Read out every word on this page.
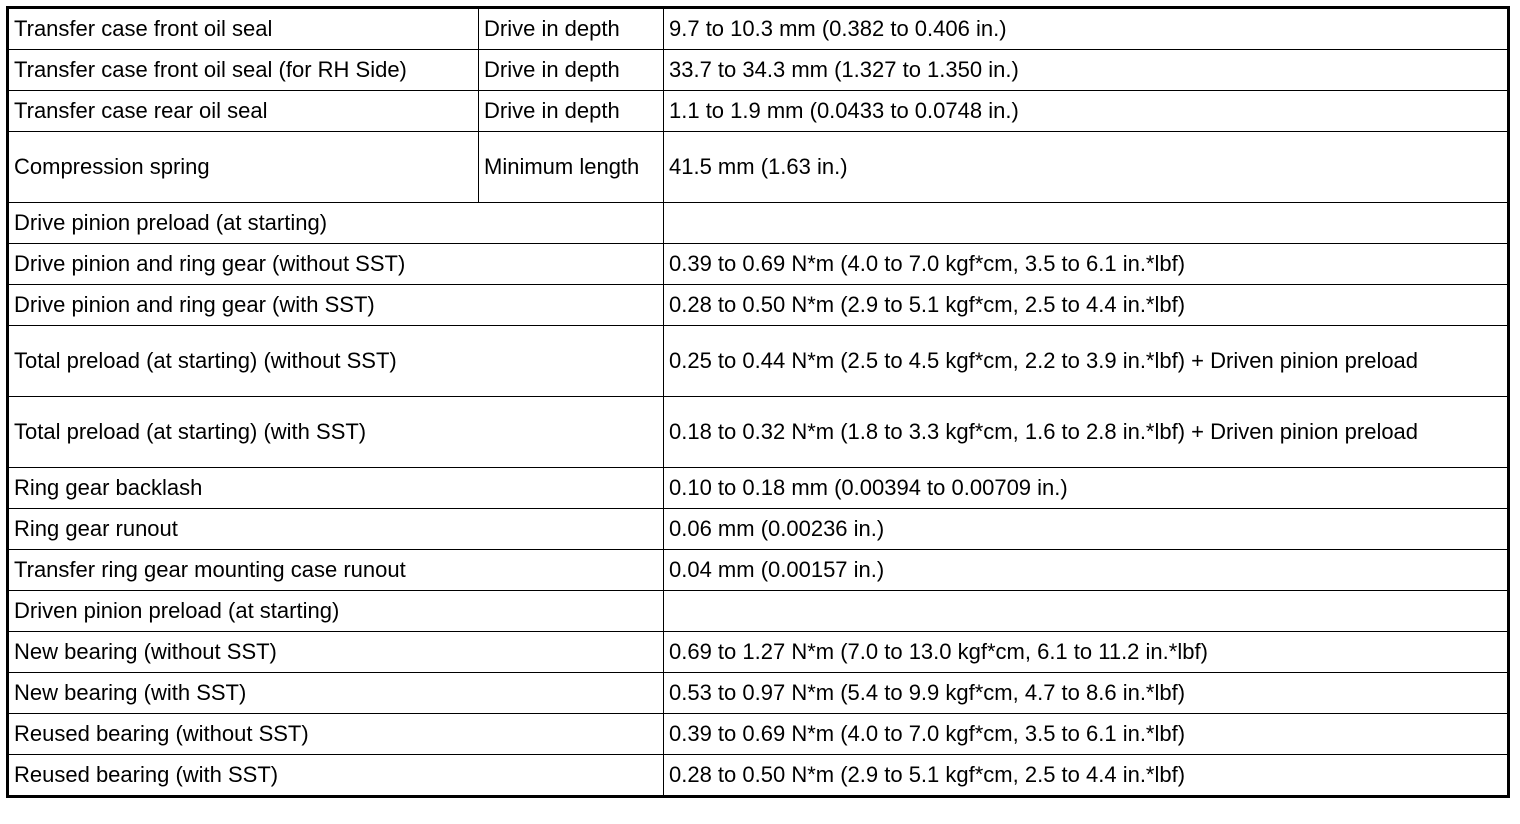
Transfer case front oil seal	Drive in depth	9.7 to 10.3 mm (0.382 to 0.406 in.)
Transfer case front oil seal (for RH Side)	Drive in depth	33.7 to 34.3 mm (1.327 to 1.350 in.)
Transfer case rear oil seal	Drive in depth	1.1 to 1.9 mm (0.0433 to 0.0748 in.)
Compression spring	Minimum length	41.5 mm (1.63 in.)
Drive pinion preload (at starting)		
Drive pinion and ring gear (without SST)		0.39 to 0.69 N*m (4.0 to 7.0 kgf*cm, 3.5 to 6.1 in.*lbf)
Drive pinion and ring gear (with SST)		0.28 to 0.50 N*m (2.9 to 5.1 kgf*cm, 2.5 to 4.4 in.*lbf)
Total preload (at starting) (without SST)		0.25 to 0.44 N*m (2.5 to 4.5 kgf*cm, 2.2 to 3.9 in.*lbf) + Driven pinion preload
Total preload (at starting) (with SST)		0.18 to 0.32 N*m (1.8 to 3.3 kgf*cm, 1.6 to 2.8 in.*lbf) + Driven pinion preload
Ring gear backlash		0.10 to 0.18 mm (0.00394 to 0.00709 in.)
Ring gear runout		0.06 mm (0.00236 in.)
Transfer ring gear mounting case runout		0.04 mm (0.00157 in.)
Driven pinion preload (at starting)		
New bearing (without SST)		0.69 to 1.27 N*m (7.0 to 13.0 kgf*cm, 6.1 to 11.2 in.*lbf)
New bearing (with SST)		0.53 to 0.97 N*m (5.4 to 9.9 kgf*cm, 4.7 to 8.6 in.*lbf)
Reused bearing (without SST)		0.39 to 0.69 N*m (4.0 to 7.0 kgf*cm, 3.5 to 6.1 in.*lbf)
Reused bearing (with SST)		0.28 to 0.50 N*m (2.9 to 5.1 kgf*cm, 2.5 to 4.4 in.*lbf)
